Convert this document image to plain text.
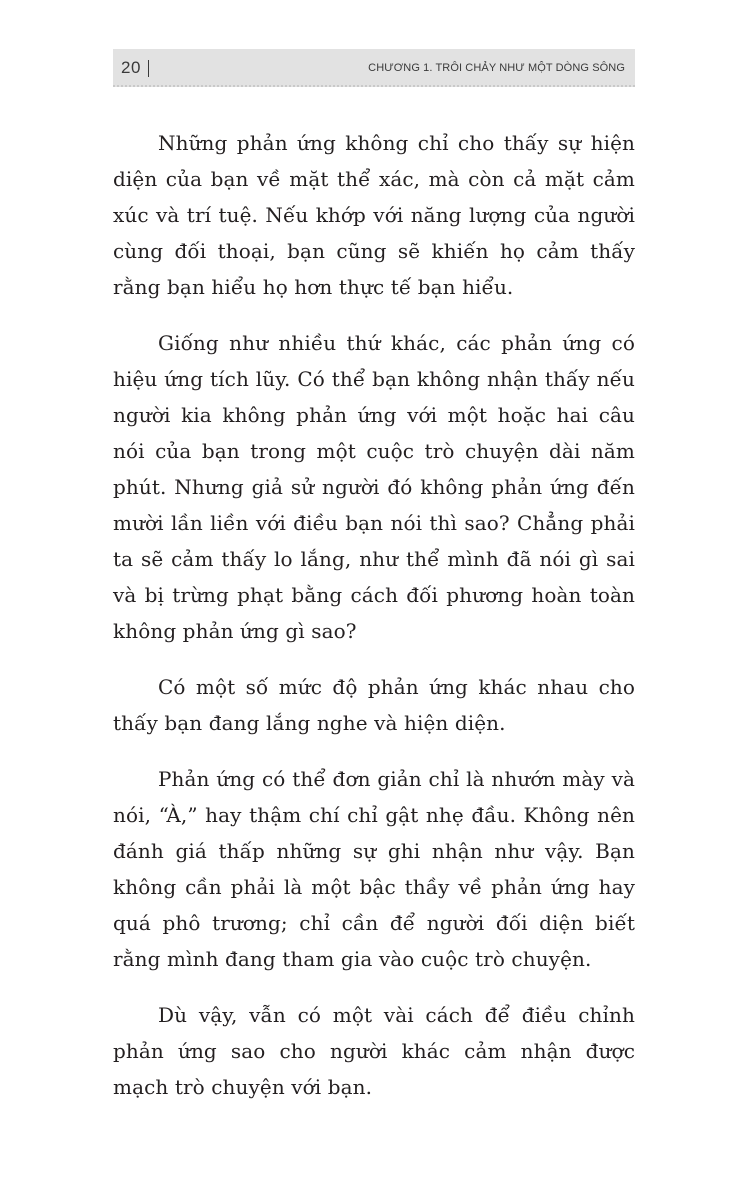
20	CHƯƠNG 1. TRÔI CHẢY NHƯ MỘT DÒNG SÔNG

Những phản ứng không chỉ cho thấy sự hiện diện của bạn về mặt thể xác, mà còn cả mặt cảm xúc và trí tuệ. Nếu khớp với năng lượng của người cùng đối thoại, bạn cũng sẽ khiến họ cảm thấy rằng bạn hiểu họ hơn thực tế bạn hiểu.

Giống như nhiều thứ khác, các phản ứng có hiệu ứng tích lũy. Có thể bạn không nhận thấy nếu người kia không phản ứng với một hoặc hai câu nói của bạn trong một cuộc trò chuyện dài năm phút. Nhưng giả sử người đó không phản ứng đến mười lần liền với điều bạn nói thì sao? Chẳng phải ta sẽ cảm thấy lo lắng, như thể mình đã nói gì sai và bị trừng phạt bằng cách đối phương hoàn toàn không phản ứng gì sao?

Có một số mức độ phản ứng khác nhau cho thấy bạn đang lắng nghe và hiện diện.

Phản ứng có thể đơn giản chỉ là nhướn mày và nói, “À,” hay thậm chí chỉ gật nhẹ đầu. Không nên đánh giá thấp những sự ghi nhận như vậy. Bạn không cần phải là một bậc thầy về phản ứng hay quá phô trương; chỉ cần để người đối diện biết rằng mình đang tham gia vào cuộc trò chuyện.

Dù vậy, vẫn có một vài cách để điều chỉnh phản ứng sao cho người khác cảm nhận được mạch trò chuyện với bạn.
